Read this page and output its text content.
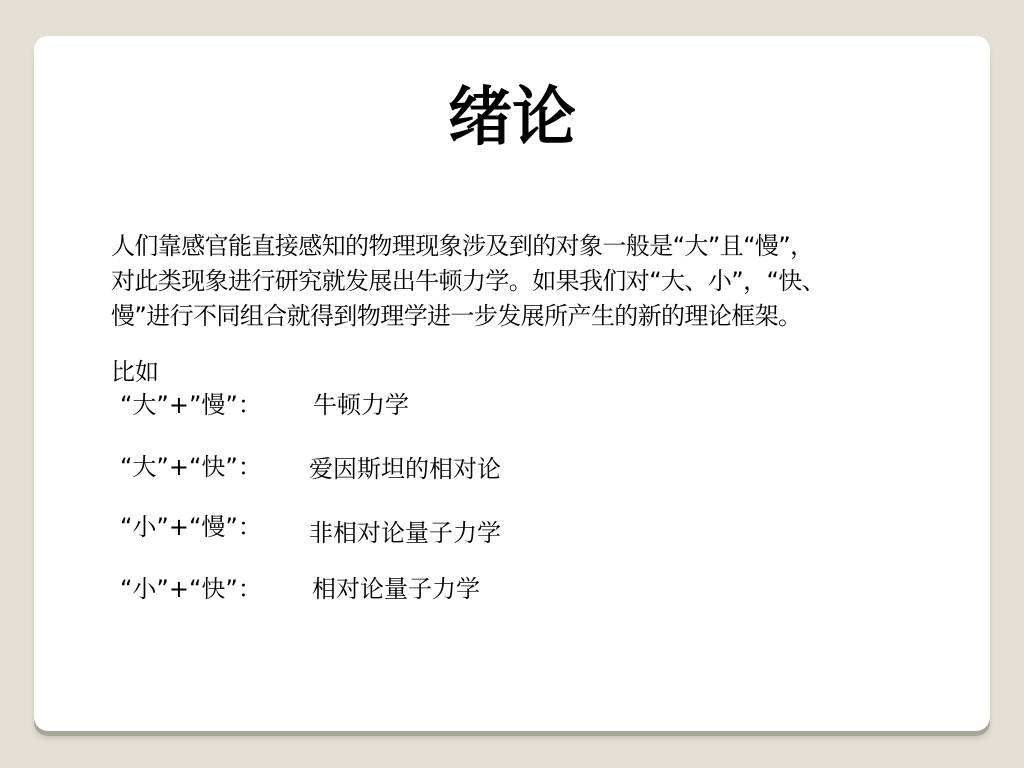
绪论
人们靠感官能直接感知的物理现象涉及到的对象一般是“大”且“慢”，
对此类现象进行研究就发展出牛顿力学。如果我们对“大、小”，“快、
慢”进行不同组合就得到物理学进一步发展所产生的新的理论框架。
比如
“大”+”慢”： 牛顿力学
“大”+“快”： 爱因斯坦的相对论
“小”+“慢”： 非相对论量子力学
“小”+“快”： 相对论量子力学
